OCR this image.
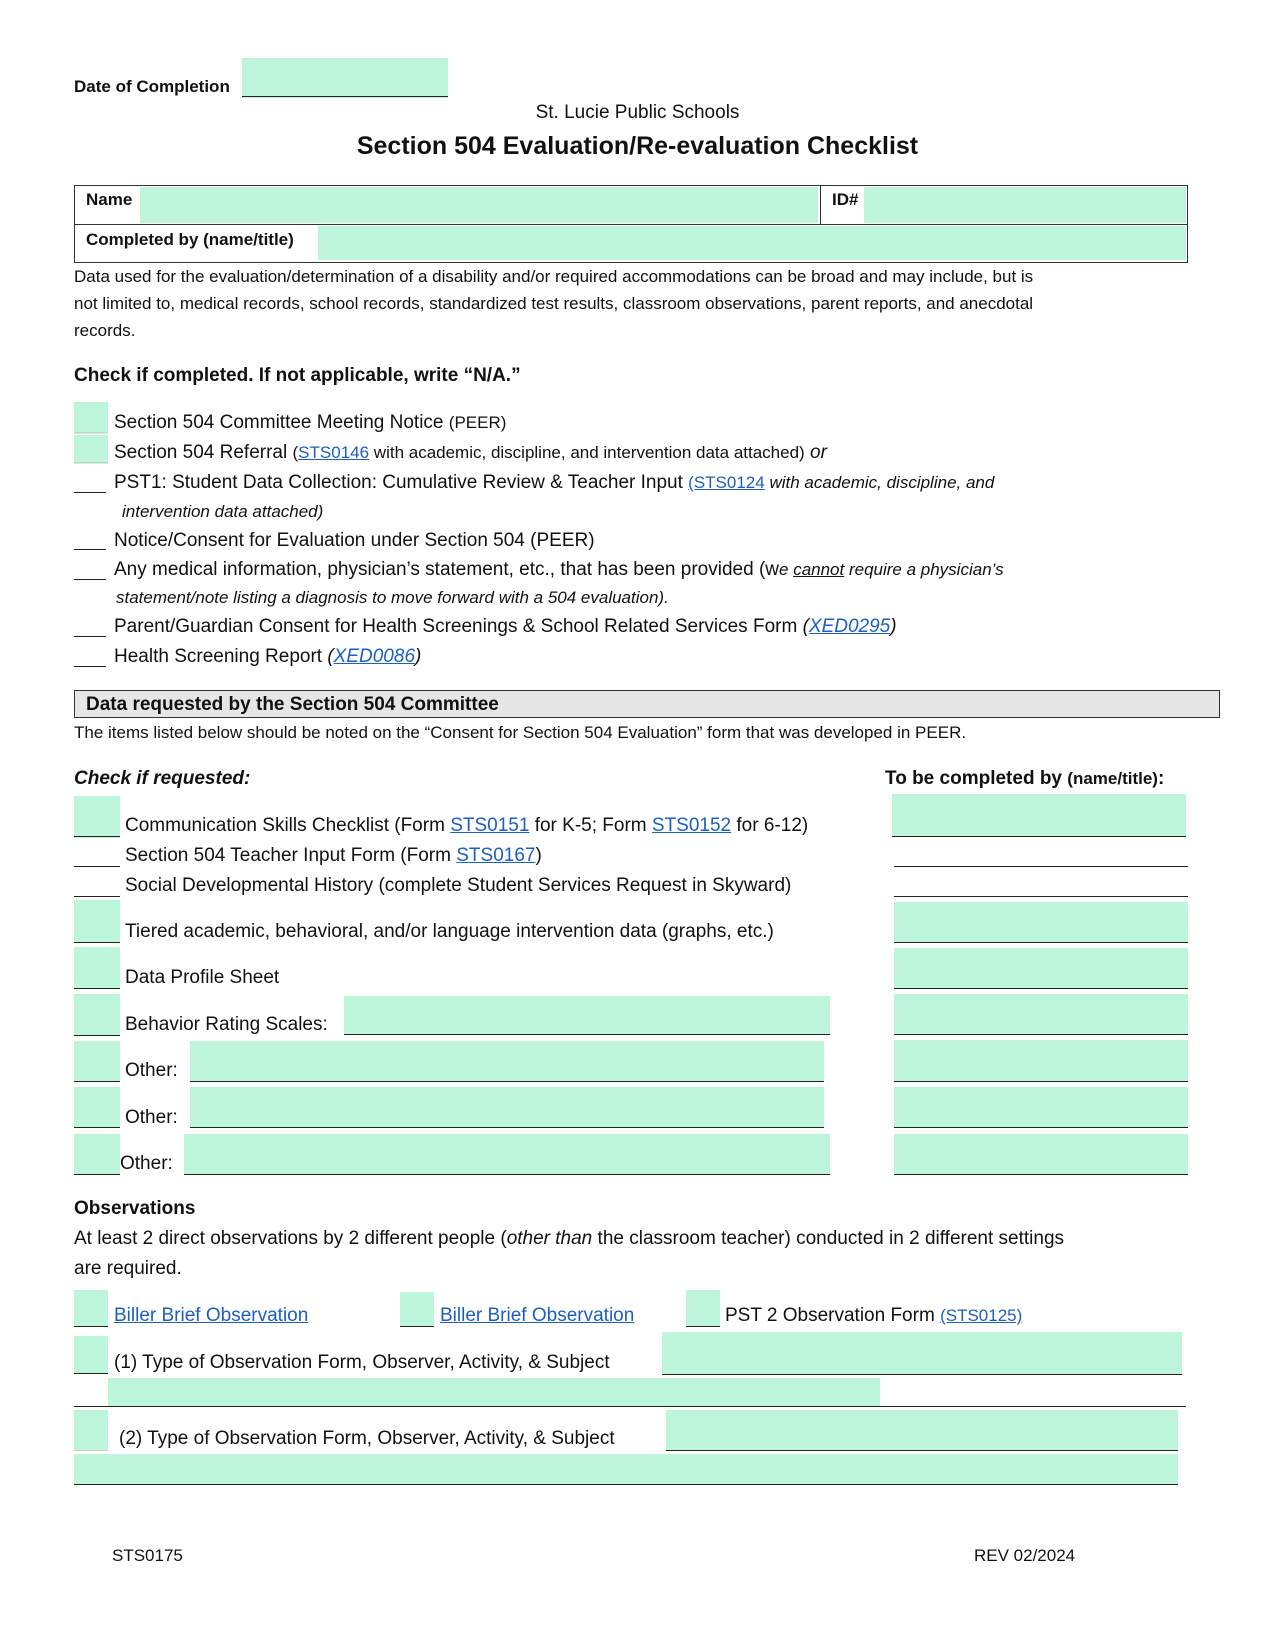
Date of Completion
St. Lucie Public Schools
Section 504 Evaluation/Re-evaluation Checklist
Name	ID#
Completed by (name/title)
Data used for the evaluation/determination of a disability and/or required accommodations can be broad and may include, but is
not limited to, medical records, school records, standardized test results, classroom observations, parent reports, and anecdotal
records.
Check if completed. If not applicable, write “N/A.”
Section 504 Committee Meeting Notice (PEER)
Section 504 Referral (STS0146 with academic, discipline, and intervention data attached) or
PST1: Student Data Collection: Cumulative Review & Teacher Input (STS0124 with academic, discipline, and
intervention data attached)
Notice/Consent for Evaluation under Section 504 (PEER)
Any medical information, physician’s statement, etc., that has been provided (we cannot require a physician’s
statement/note listing a diagnosis to move forward with a 504 evaluation).
Parent/Guardian Consent for Health Screenings & School Related Services Form (XED0295)
Health Screening Report (XED0086)
Data requested by the Section 504 Committee
The items listed below should be noted on the “Consent for Section 504 Evaluation” form that was developed in PEER.
Check if requested:	To be completed by (name/title):
Communication Skills Checklist (Form STS0151 for K-5; Form STS0152 for 6-12)
Section 504 Teacher Input Form (Form STS0167)
Social Developmental History (complete Student Services Request in Skyward)
Tiered academic, behavioral, and/or language intervention data (graphs, etc.)
Data Profile Sheet
Behavior Rating Scales:
Other:
Other:
Other:
Observations
At least 2 direct observations by 2 different people (other than the classroom teacher) conducted in 2 different settings
are required.
Biller Brief Observation	Biller Brief Observation	PST 2 Observation Form (STS0125)
(1) Type of Observation Form, Observer, Activity, & Subject
(2) Type of Observation Form, Observer, Activity, & Subject
STS0175	REV 02/2024
